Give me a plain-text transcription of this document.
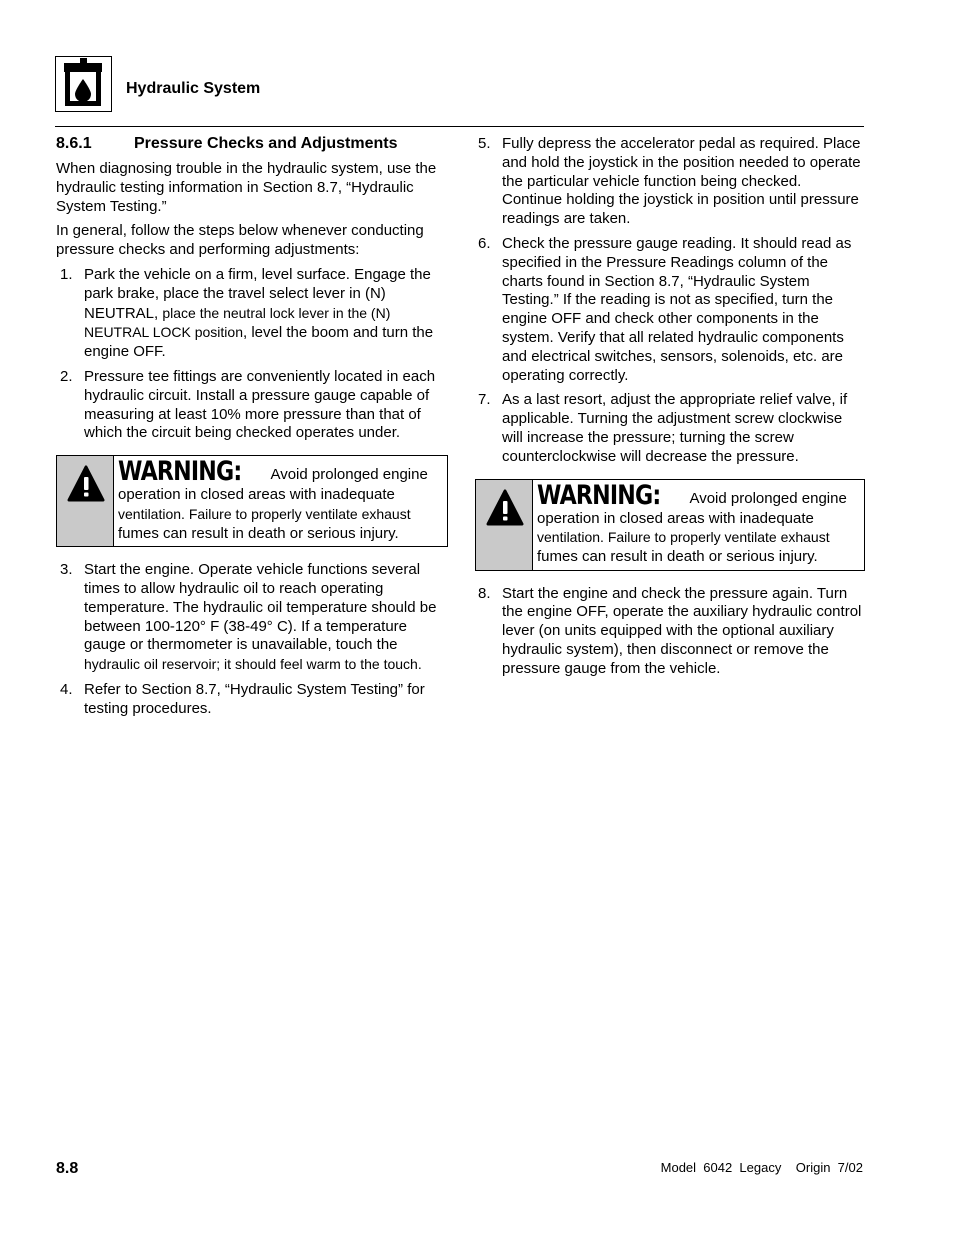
Hydraulic System
8.6.1	Pressure Checks and Adjustments

When diagnosing trouble in the hydraulic system, use the hydraulic testing information in Section 8.7, “Hydraulic System Testing.”

In general, follow the steps below whenever conducting pressure checks and performing adjustments:

1. Park the vehicle on a firm, level surface. Engage the park brake, place the travel select lever in (N) NEUTRAL, place the neutral lock lever in the (N) NEUTRAL LOCK position, level the boom and turn the engine OFF.
2. Pressure tee fittings are conveniently located in each hydraulic circuit. Install a pressure gauge capable of measuring at least 10% more pressure than that of which the circuit being checked operates under.
WARNING: Avoid prolonged engine operation in closed areas with inadequate ventilation. Failure to properly ventilate exhaust fumes can result in death or serious injury.
3. Start the engine. Operate vehicle functions several times to allow hydraulic oil to reach operating temperature. The hydraulic oil temperature should be between 100-120° F (38-49° C). If a temperature gauge or thermometer is unavailable, touch the hydraulic oil reservoir; it should feel warm to the touch.
4. Refer to Section 8.7, “Hydraulic System Testing” for testing procedures.
5. Fully depress the accelerator pedal as required. Place and hold the joystick in the position needed to operate the particular vehicle function being checked. Continue holding the joystick in position until pressure readings are taken.
6. Check the pressure gauge reading. It should read as specified in the Pressure Readings column of the charts found in Section 8.7, “Hydraulic System Testing.” If the reading is not as specified, turn the engine OFF and check other components in the system. Verify that all related hydraulic components and electrical switches, sensors, solenoids, etc. are operating correctly.
7. As a last resort, adjust the appropriate relief valve, if applicable. Turning the adjustment screw clockwise will increase the pressure; turning the screw counterclockwise will decrease the pressure.
WARNING: Avoid prolonged engine operation in closed areas with inadequate ventilation. Failure to properly ventilate exhaust fumes can result in death or serious injury.
8. Start the engine and check the pressure again. Turn the engine OFF, operate the auxiliary hydraulic control lever (on units equipped with the optional auxiliary hydraulic system), then disconnect or remove the pressure gauge from the vehicle.
8.8	Model  6042  Legacy    Origin  7/02
